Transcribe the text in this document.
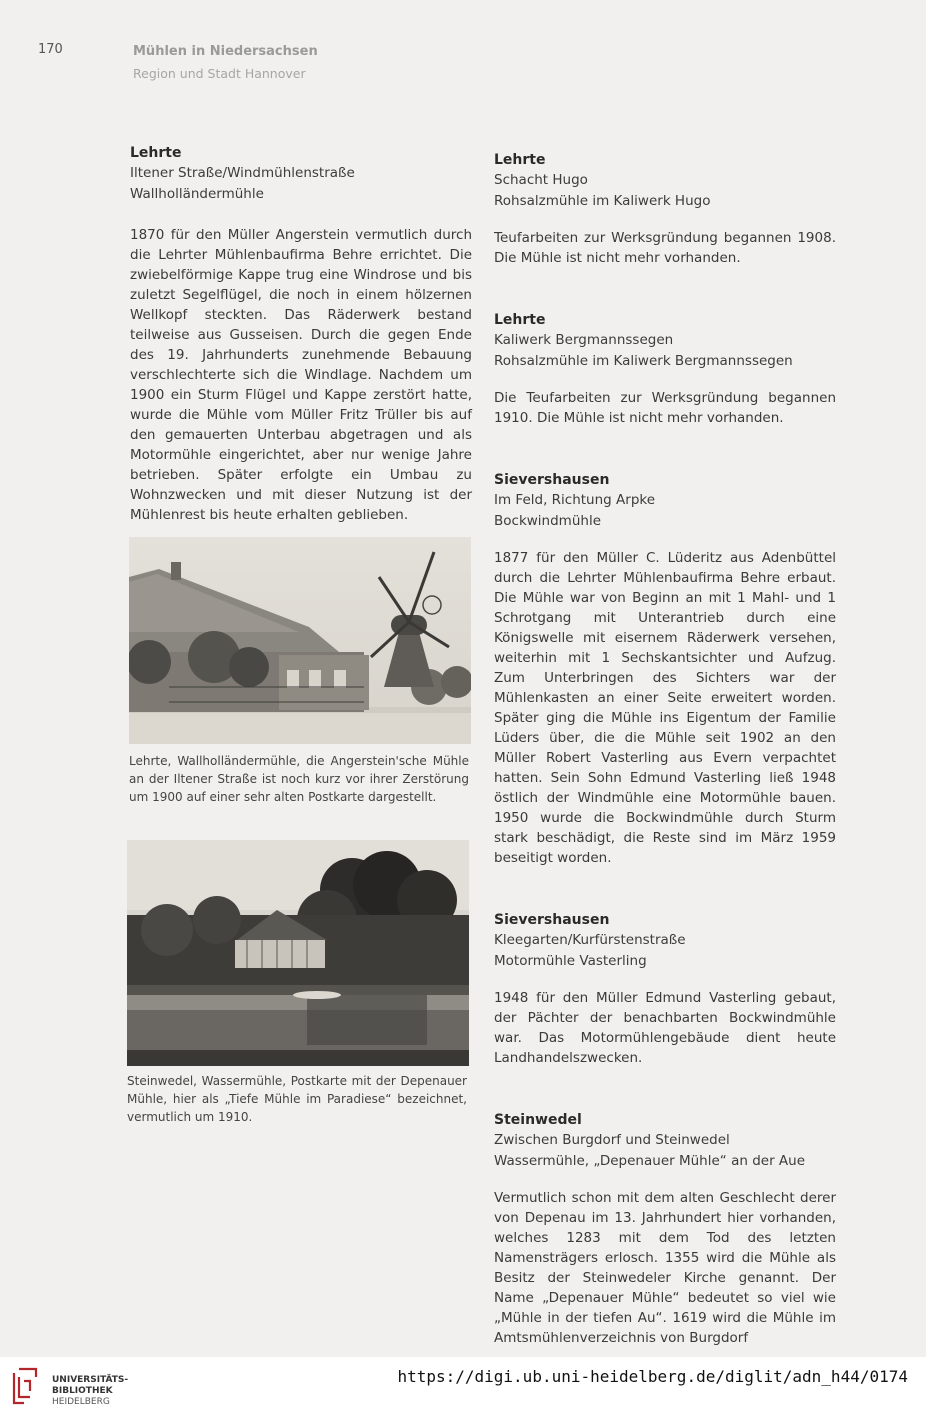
170	Mühlen in Niedersachsen
Region und Stadt Hannover

Lehrte

Iltener Straße/Windmühlenstraße

Wallholländermühle

1870 für den Müller Angerstein vermutlich durch die Lehrter Mühlenbaufirma Behre errichtet. Die zwiebelförmige Kappe trug eine Windrose und bis zuletzt Segelflügel, die noch in einem hölzernen Wellkopf steckten. Das Räderwerk bestand teilweise aus Gusseisen. Durch die gegen Ende des 19. Jahrhunderts zunehmende Bebauung verschlechterte sich die Windlage. Nachdem um 1900 ein Sturm Flügel und Kappe zerstört hatte, wurde die Mühle vom Müller Fritz Trüller bis auf den gemauerten Unterbau abgetragen und als Motormühle eingerichtet, aber nur wenige Jahre betrieben. Später erfolgte ein Umbau zu Wohnzwecken und mit dieser Nutzung ist der Mühlenrest bis heute erhalten geblieben.

Lehrte, Wallholländermühle, die Angerstein'sche Mühle an der Iltener Straße ist noch kurz vor ihrer Zerstörung um 1900 auf einer sehr alten Postkarte dargestellt.
Steinwedel, Wassermühle, Postkarte mit der Depenauer Mühle, hier als „Tiefe Mühle im Paradiese“ bezeichnet, vermutlich um 1910.

Lehrte

Schacht Hugo

Rohsalzmühle im Kaliwerk Hugo

Teufarbeiten zur Werksgründung begannen 1908. Die Mühle ist nicht mehr vorhanden.

Lehrte

Kaliwerk Bergmannssegen

Rohsalzmühle im Kaliwerk Bergmannssegen

Die Teufarbeiten zur Werksgründung begannen 1910. Die Mühle ist nicht mehr vorhanden.

Sievershausen

Im Feld, Richtung Arpke

Bockwindmühle

1877 für den Müller C. Lüderitz aus Adenbüttel durch die Lehrter Mühlenbaufirma Behre erbaut. Die Mühle war von Beginn an mit 1 Mahl- und 1 Schrotgang mit Unterantrieb durch eine Königswelle mit eisernem Räderwerk versehen, weiterhin mit 1 Sechskantsichter und Aufzug. Zum Unterbringen des Sichters war der Mühlenkasten an einer Seite erweitert worden. Später ging die Mühle ins Eigentum der Familie Lüders über, die die Mühle seit 1902 an den Müller Robert Vasterling aus Evern verpachtet hatten. Sein Sohn Edmund Vasterling ließ 1948 östlich der Windmühle eine Motormühle bauen. 1950 wurde die Bockwindmühle durch Sturm stark beschädigt, die Reste sind im März 1959 beseitigt worden.

Sievershausen

Kleegarten/Kurfürstenstraße

Motormühle Vasterling

1948 für den Müller Edmund Vasterling gebaut, der Pächter der benachbarten Bockwindmühle war. Das Motormühlengebäude dient heute Landhandelszwecken.

Steinwedel

Zwischen Burgdorf und Steinwedel

Wassermühle, „Depenauer Mühle“ an der Aue

Vermutlich schon mit dem alten Geschlecht derer von Depenau im 13. Jahrhundert hier vorhanden, welches 1283 mit dem Tod des letzten Namensträgers erlosch. 1355 wird die Mühle als Besitz der Steinwedeler Kirche genannt. Der Name „Depenauer Mühle“ bedeutet so viel wie „Mühle in der tiefen Au“. 1619 wird die Mühle im Amtsmühlenverzeichnis von Burgdorf

UNIVERSITÄTS-
BIBLIOTHEK
HEIDELBERG
https://digi.ub.uni-heidelberg.de/diglit/adn_h44/0174
